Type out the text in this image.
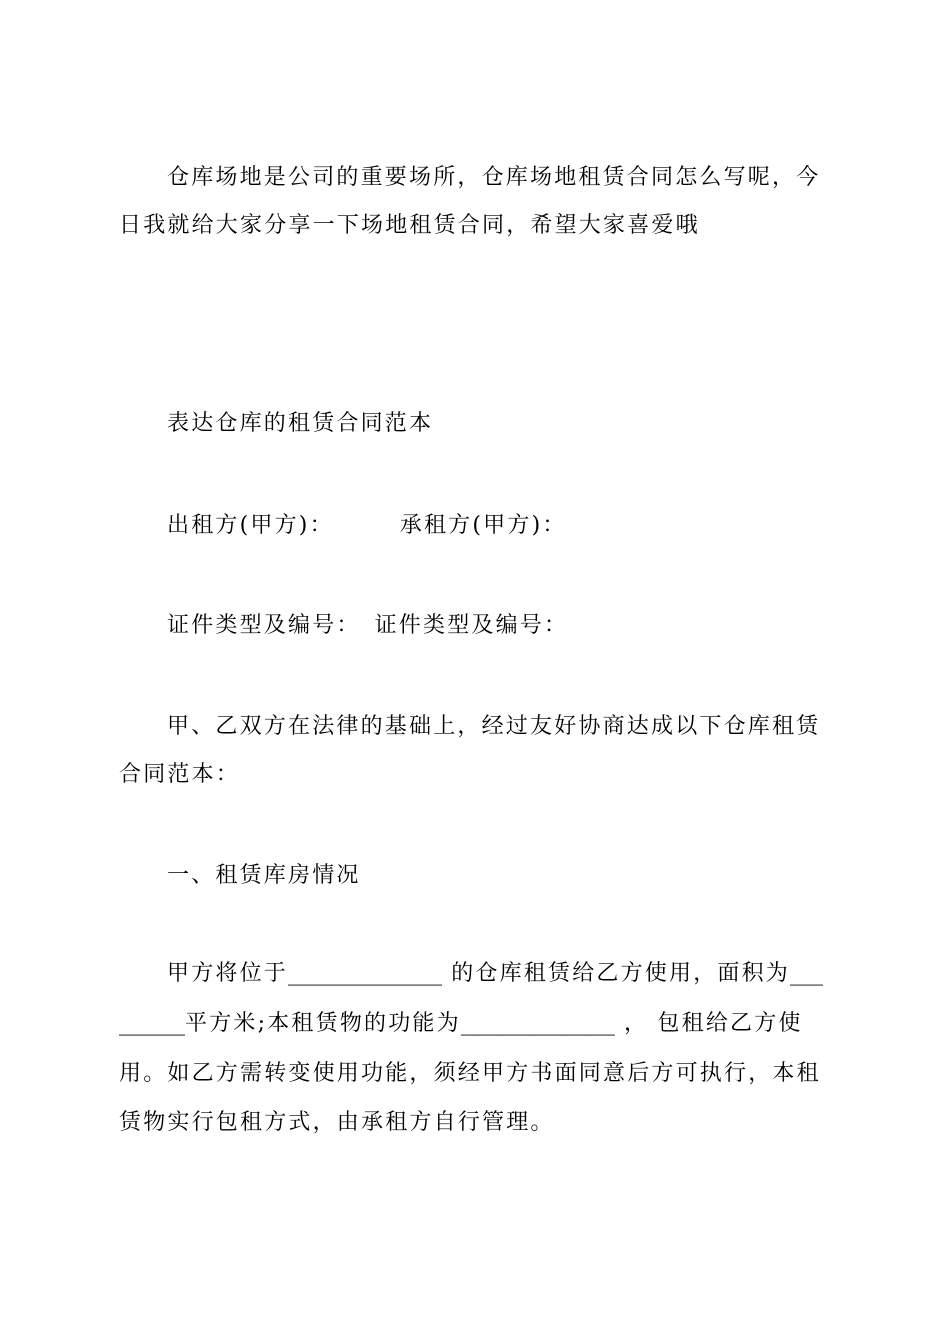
仓库场地是公司的重要场所，仓库场地租赁合同怎么写呢，今
日我就给大家分享一下场地租赁合同，希望大家喜爱哦
表达仓库的租赁合同范本
出租方(甲方)：	承租方(甲方)：
证件类型及编号： 证件类型及编号：
甲、乙双方在法律的基础上，经过友好协商达成以下仓库租赁
合同范本：
一、租赁库房情况
甲方将位于______________ 的仓库租赁给乙方使用，面积为___
______平方米;本租赁物的功能为______________ ， 包租给乙方使
用。如乙方需转变使用功能，须经甲方书面同意后方可执行，本租
赁物实行包租方式，由承租方自行管理。
